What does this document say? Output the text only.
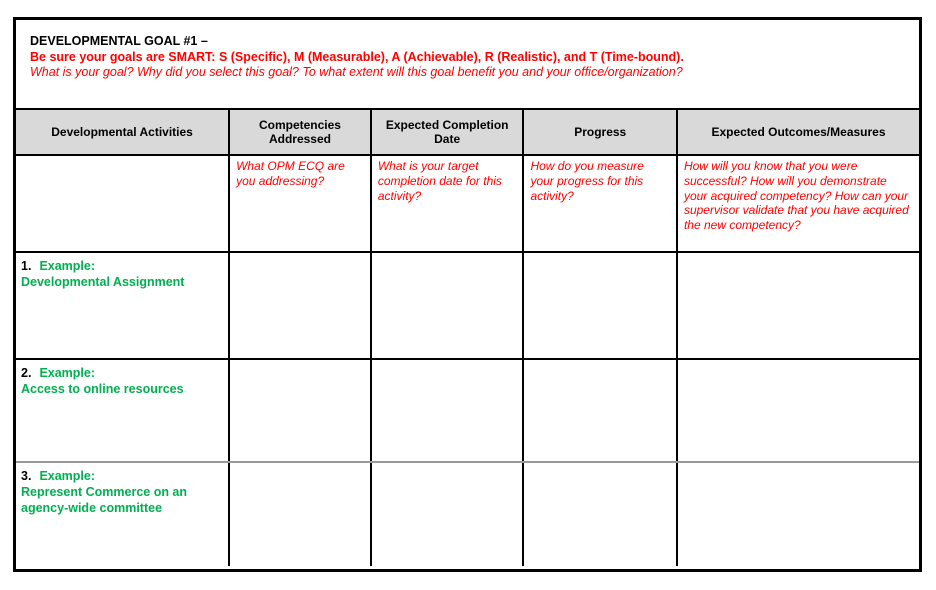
DEVELOPMENTAL GOAL #1 –
Be sure your goals are SMART: S (Specific), M (Measurable), A (Achievable), R (Realistic), and T (Time-bound).
What is your goal? Why did you select this goal? To what extent will this goal benefit you and your office/organization?
Developmental Activities	Competencies Addressed	Expected Completion Date	Progress	Expected Outcomes/Measures
	What OPM ECQ are you addressing?	What is your target completion date for this activity?	How do you measure your progress for this activity?	How will you know that you were successful? How will you demonstrate your acquired competency? How can your supervisor validate that you have acquired the new competency?

1. Example:
Developmental Assignment				

2. Example:
Access to online resources				

3. Example:
Represent Commerce on an agency-wide committee				
